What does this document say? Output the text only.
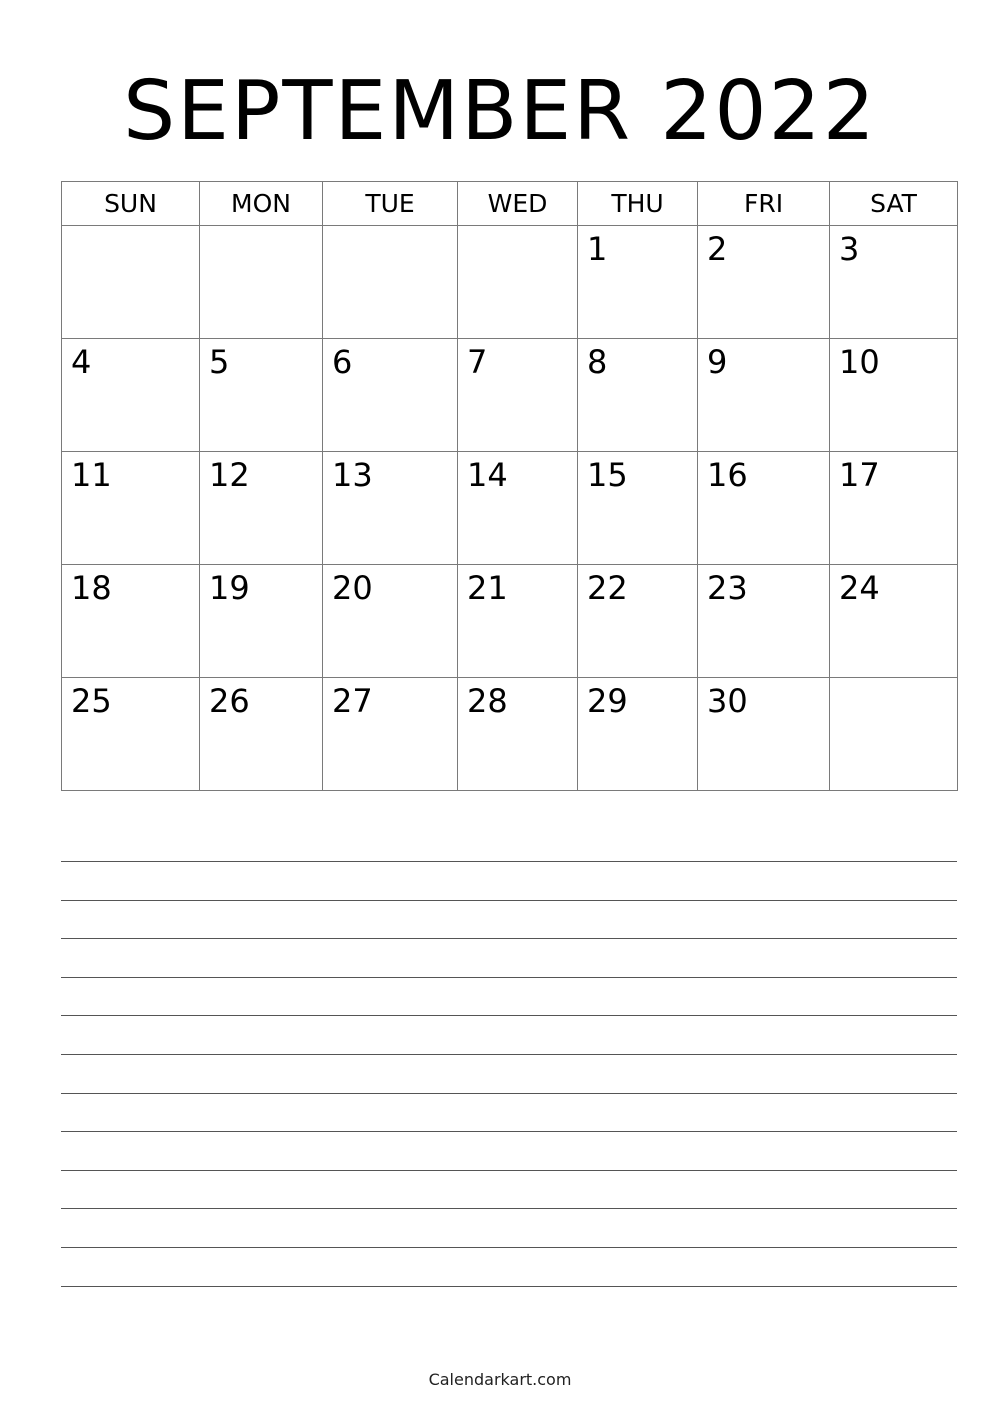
SEPTEMBER 2022
SUN	MON	TUE	WED	THU	FRI	SAT
				1	2	3
4	5	6	7	8	9	10
11	12	13	14	15	16	17
18	19	20	21	22	23	24
25	26	27	28	29	30	
Calendarkart.com
